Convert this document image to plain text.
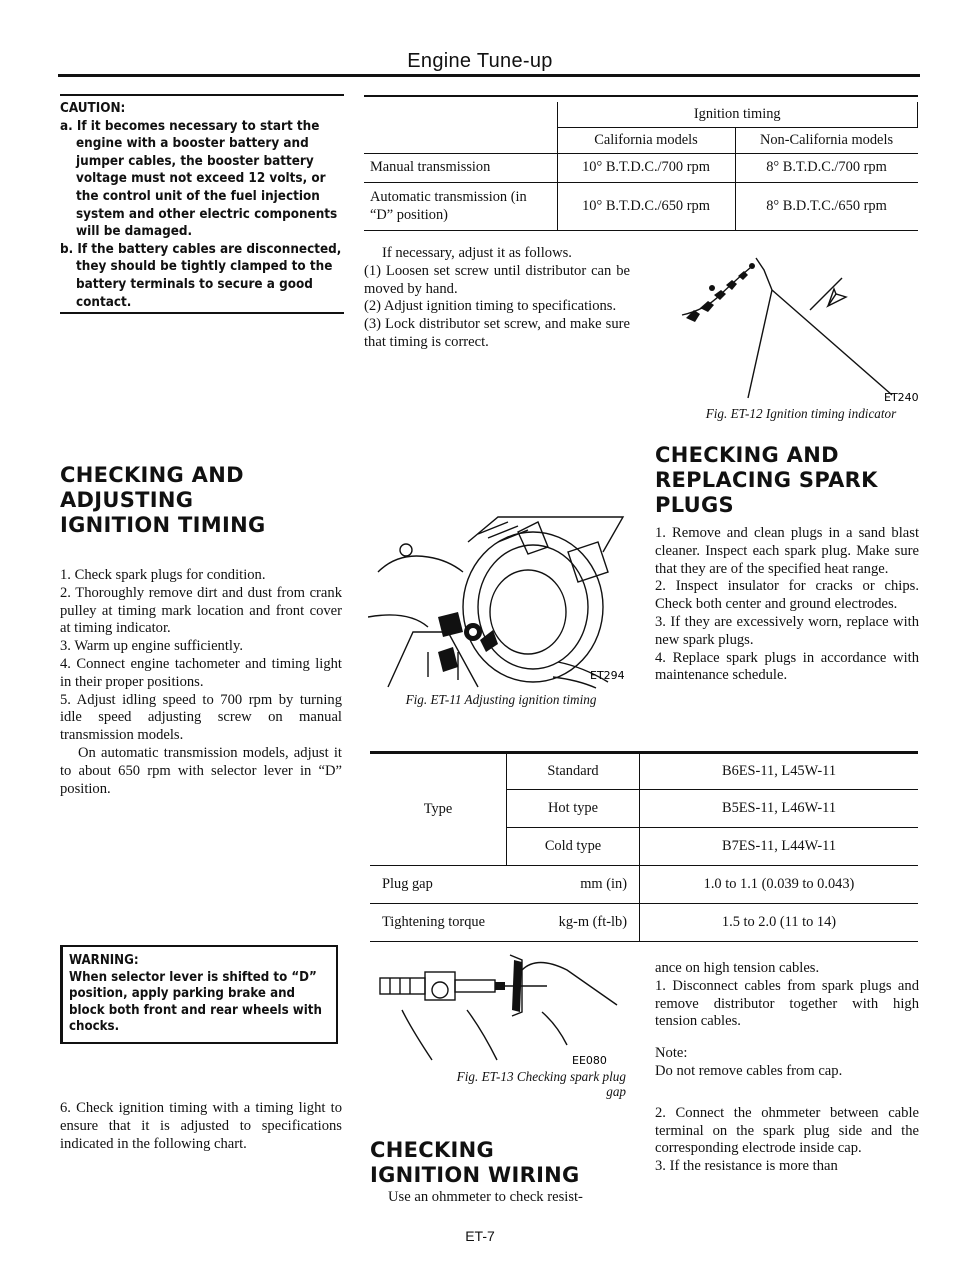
Engine Tune-up
CAUTION:

a. If it becomes necessary to start the engine with a booster battery and jumper cables, the booster battery voltage must not exceed 12 volts, or the control unit of the fuel injection system and other electric components will be damaged.

b. If the battery cables are disconnected, they should be tightly clamped to the battery terminals to secure a good contact.

CHECKING AND
ADJUSTING
IGNITION TIMING

1. Check spark plugs for condition.

2. Thoroughly remove dirt and dust from crank pulley at timing mark location and front cover at timing indicator.

3. Warm up engine sufficiently.

4. Connect engine tachometer and timing light in their proper positions.

5. Adjust idling speed to 700 rpm by turning idle speed adjusting screw on manual transmission models.

On automatic transmission models, adjust it to about 650 rpm with selector lever in “D” position.

WARNING:
When selector lever is shifted to “D” position, apply parking brake and block both front and rear wheels with chocks.

6. Check ignition timing with a timing light to ensure that it is adjusted to specifications indicated in the following chart.

	Ignition timing	
	California models	Non-California models
Manual transmission	10° B.T.D.C./700 rpm	8° B.T.D.C./700 rpm
Automatic transmission (in “D” position)	10° B.T.D.C./650 rpm	8° B.D.T.C./650 rpm

If necessary, adjust it as follows.

(1) Loosen set screw until distributor can be moved by hand.

(2) Adjust ignition timing to specifications.

(3) Lock distributor set screw, and make sure that timing is correct.

ET240
Fig. ET-12 Ignition timing indicator
ET294
Fig. ET-11 Adjusting ignition timing
CHECKING AND
REPLACING SPARK
PLUGS

1. Remove and clean plugs in a sand blast cleaner. Inspect each spark plug. Make sure that they are of the specified heat range.

2. Inspect insulator for cracks or chips. Check both center and ground electrodes.

3. If they are excessively worn, replace with new spark plugs.

4. Replace spark plugs in accordance with maintenance schedule.

Type	Standard	B6ES-11, L45W-11
	Hot type	B5ES-11, L46W-11
	Cold type	B7ES-11, L44W-11

Plug gap mm (in)		1.0 to 1.1 (0.039 to 0.043)

Tightening torque kg-m (ft-lb)		1.5 to 2.0 (11 to 14)
EE080
Fig. ET-13 Checking spark plug
gap
CHECKING
IGNITION WIRING

Use an ohmmeter to check resist-

ance on high tension cables.

1. Disconnect cables from spark plugs and remove distributor together with high tension cables.

Note:

Do not remove cables from cap.

2. Connect the ohmmeter between cable terminal on the spark plug side and the corresponding electrode inside cap.

3. If the resistance is more than

ET-7
